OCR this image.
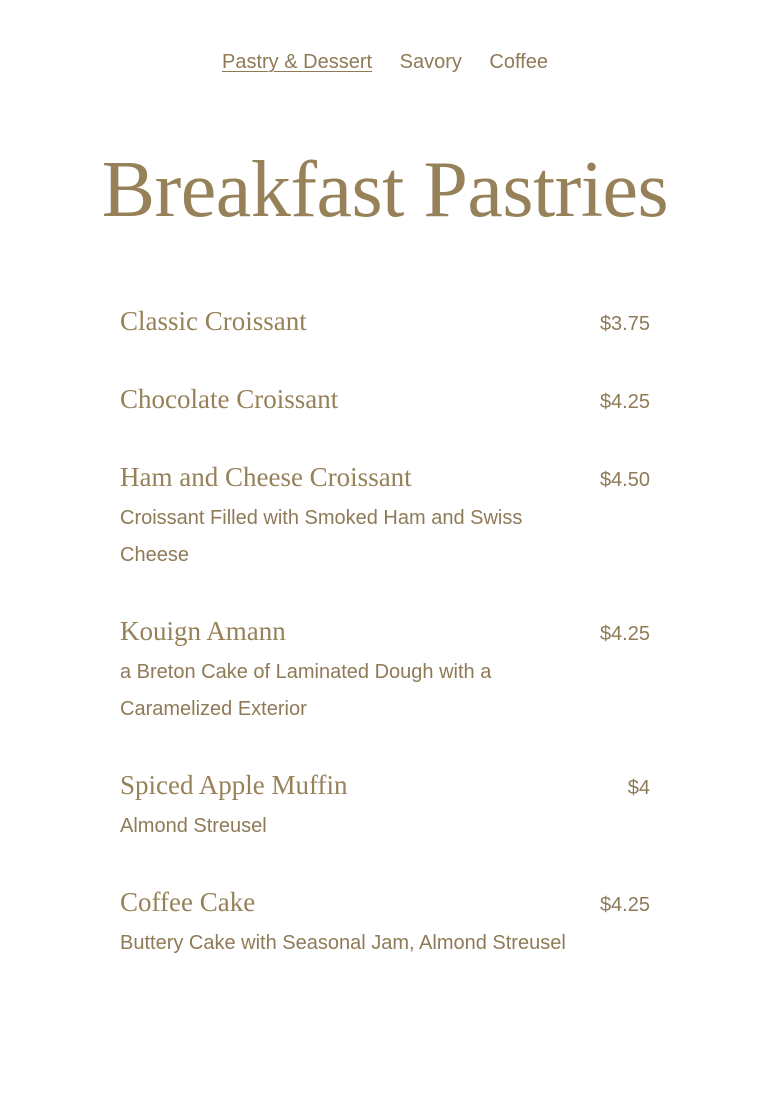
Pastry & Dessert Savory Coffee
Breakfast Pastries
Classic Croissant	$3.75
Chocolate Croissant	$4.25
Ham and Cheese Croissant	$4.50
Croissant Filled with Smoked Ham and Swiss Cheese
Kouign Amann	$4.25
a Breton Cake of Laminated Dough with a Caramelized Exterior
Spiced Apple Muffin	$4
Almond Streusel
Coffee Cake	$4.25
Buttery Cake with Seasonal Jam, Almond Streusel
